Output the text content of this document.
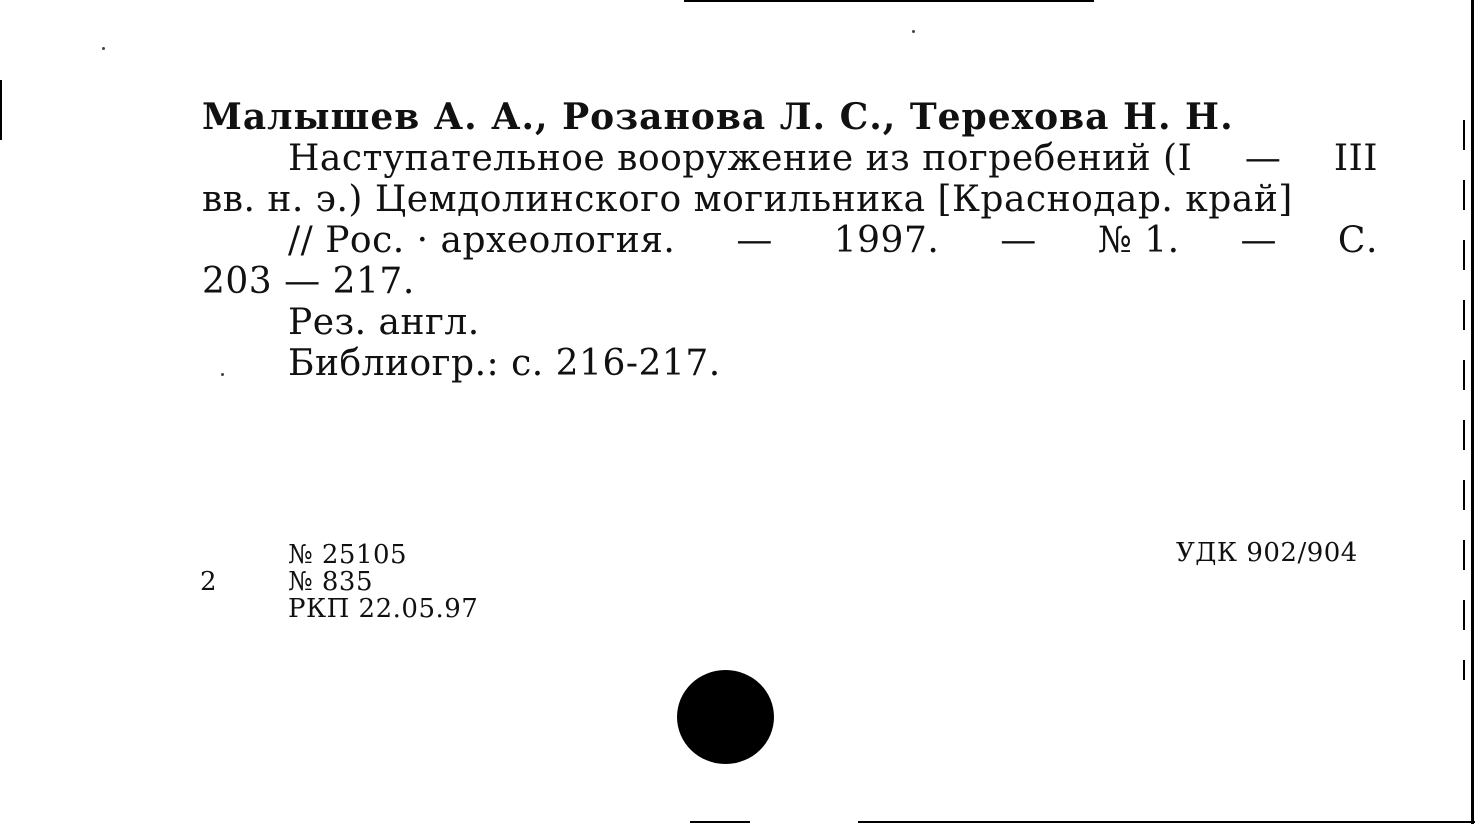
Малышев А. А., Розанова Л. С., Терехова Н. Н.
Наступательное вооружение из погребений (I — III
вв. н. э.) Цемдолинского могильника [Краснодар. край]
// Рос. · археология. — 1997. — № 1. — С.
203 — 217.
Рез. англ.
Библиогр.: с. 216-217.
2
№ 25105
№ 835
РКП 22.05.97
УДК 902/904
